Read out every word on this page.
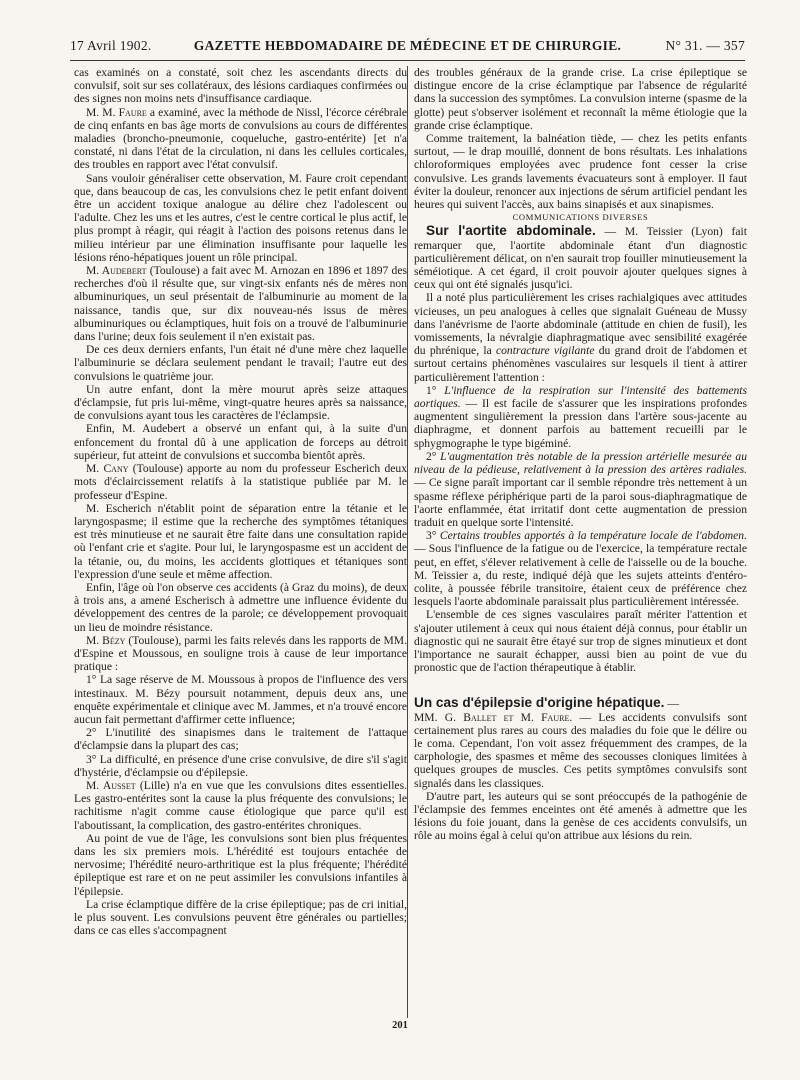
17 Avril 1902.	GAZETTE HEBDOMADAIRE DE MÉDECINE ET DE CHIRURGIE.	N° 31. — 357

cas examinés on a constaté, soit chez les ascendants directs du convulsif, soit sur ses collatéraux, des lésions cardiaques confirmées ou des signes non moins nets d'insuffisance cardiaque.

M. M. Faure a examiné, avec la méthode de Nissl, l'écorce cérébrale de cinq enfants en bas âge morts de convulsions au cours de différentes maladies (broncho-pneumonie, coqueluche, gastro-entérite) [et n'a constaté, ni dans l'état de la circulation, ni dans les cellules corticales, des troubles en rapport avec l'état convulsif.

Sans vouloir généraliser cette observation, M. Faure croit cependant que, dans beaucoup de cas, les convulsions chez le petit enfant doivent être un accident toxique analogue au délire chez l'adolescent ou l'adulte. Chez les uns et les autres, c'est le centre cortical le plus actif, le plus prompt à réagir, qui réagit à l'action des poisons retenus dans le milieu intérieur par une élimination insuffisante pour laquelle les lésions réno-hépatiques jouent un rôle principal.

M. Audebert (Toulouse) a fait avec M. Arnozan en 1896 et 1897 des recherches d'où il résulte que, sur vingt-six enfants nés de mères non albuminuriques, un seul présentait de l'albuminurie au moment de la naissance, tandis que, sur dix nouveau-nés issus de mères albuminuriques ou éclamptiques, huit fois on a trouvé de l'albuminurie dans l'urine; deux fois seulement il n'en existait pas.

De ces deux derniers enfants, l'un était né d'une mère chez laquelle l'albuminurie se déclara seulement pendant le travail; l'autre eut des convulsions le quatrième jour.

Un autre enfant, dont la mère mourut après seize attaques d'éclampsie, fut pris lui-même, vingt-quatre heures après sa naissance, de convulsions ayant tous les caractères de l'éclampsie.

Enfin, M. Audebert a observé un enfant qui, à la suite d'un enfoncement du frontal dû à une application de forceps au détroit supérieur, fut atteint de convulsions et succomba bientôt après.

M. Cany (Toulouse) apporte au nom du professeur Escherich deux mots d'éclaircissement relatifs à la statistique publiée par M. le professeur d'Espine.

M. Escherich n'établit point de séparation entre la tétanie et le laryngospasme; il estime que la recherche des symptômes tétaniques est très minutieuse et ne saurait être faite dans une consultation rapide où l'enfant crie et s'agite. Pour lui, le laryngospasme est un accident de la tétanie, ou, du moins, les accidents glottiques et tétaniques sont l'expression d'une seule et même affection.

Enfin, l'âge où l'on observe ces accidents (à Graz du moins), de deux à trois ans, a amené Escherisch à admettre une influence évidente du développement des centres de la parole; ce développement provoquait un lieu de moindre résistance.

M. Bézy (Toulouse), parmi les faits relevés dans les rapports de MM. d'Espine et Moussous, en souligne trois à cause de leur importance pratique :

1° La sage réserve de M. Moussous à propos de l'influence des vers intestinaux. M. Bézy poursuit notamment, depuis deux ans, une enquête expérimentale et clinique avec M. Jammes, et n'a trouvé encore aucun fait permettant d'affirmer cette influence;

2° L'inutilité des sinapismes dans le traitement de l'attaque d'éclampsie dans la plupart des cas;

3° La difficulté, en présence d'une crise convulsive, de dire s'il s'agit d'hystérie, d'éclampsie ou d'épilepsie.

M. Ausset (Lille) n'a en vue que les convulsions dites essentielles. Les gastro-entérites sont la cause la plus fréquente des convulsions; le rachitisme n'agit comme cause étiologique que parce qu'il est l'aboutissant, la complication, des gastro-entérites chroniques.

Au point de vue de l'âge, les convulsions sont bien plus fréquentes dans les six premiers mois. L'hérédité est toujours entachée de nervosime; l'hérédité neuro-arthritique est la plus fréquente; l'hérédité épileptique est rare et on ne peut assimiler les convulsions infantiles à l'épilepsie.

La crise éclamptique diffère de la crise épileptique; pas de cri initial, le plus souvent. Les convulsions peuvent être générales ou partielles; dans ce cas elles s'accompagnent

des troubles généraux de la grande crise. La crise épileptique se distingue encore de la crise éclamptique par l'absence de régularité dans la succession des symptômes. La convulsion interne (spasme de la glotte) peut s'observer isolément et reconnaît la même étiologie que la grande crise éclamptique.

Comme traitement, la balnéation tiède, — chez les petits enfants surtout, — le drap mouillé, donnent de bons résultats. Les inhalations chloroformiques employées avec prudence font cesser la crise convulsive. Les grands lavements évacuateurs sont à employer. Il faut éviter la douleur, renoncer aux injections de sérum artificiel pendant les heures qui suivent l'accès, aux bains sinapisés et aux sinapismes.

COMMUNICATIONS DIVERSES

Sur l'aortite abdominale. — M. Teissier (Lyon) fait remarquer que, l'aortite abdominale étant d'un diagnostic particulièrement délicat, on n'en saurait trop fouiller minutieusement la séméiotique. A cet égard, il croit pouvoir ajouter quelques signes à ceux qui ont été signalés jusqu'ici.

Il a noté plus particulièrement les crises rachialgiques avec attitudes vicieuses, un peu analogues à celles que signalait Guéneau de Mussy dans l'anévrisme de l'aorte abdominale (attitude en chien de fusil), les vomissements, la névralgie diaphragmatique avec sensibilité exagérée du phrénique, la contracture vigilante du grand droit de l'abdomen et surtout certains phénomènes vasculaires sur lesquels il tient à attirer particulièrement l'attention :

1° L'influence de la respiration sur l'intensité des battements aortiques. — Il est facile de s'assurer que les inspirations profondes augmentent singulièrement la pression dans l'artère sous-jacente au diaphragme, et donnent parfois au battement recueilli par le sphygmographe le type bigéminé.

2° L'augmentation très notable de la pression artérielle mesurée au niveau de la pédieuse, relativement à la pression des artères radiales. — Ce signe paraît important car il semble répondre très nettement à un spasme réflexe périphérique parti de la paroi sous-diaphragmatique de l'aorte enflammée, état irritatif dont cette augmentation de pression traduit en quelque sorte l'intensité.

3° Certains troubles apportés à la température locale de l'abdomen. — Sous l'influence de la fatigue ou de l'exercice, la température rectale peut, en effet, s'élever relativement à celle de l'aisselle ou de la bouche. M. Teissier a, du reste, indiqué déjà que les sujets atteints d'entéro-colite, à poussée fébrile transitoire, étaient ceux de préférence chez lesquels l'aorte abdominale paraissait plus particulièrement intéressée.

L'ensemble de ces signes vasculaires paraît mériter l'attention et s'ajouter utilement à ceux qui nous étaient déjà connus, pour établir un diagnostic qui ne saurait être étayé sur trop de signes minutieux et dont l'importance ne saurait échapper, aussi bien au point de vue du pronostic que de l'action thérapeutique à établir.

Un cas d'épilepsie d'origine hépatique. —

MM. G. Ballet et M. Faure. — Les accidents convulsifs sont certainement plus rares au cours des maladies du foie que le délire ou le coma. Cependant, l'on voit assez fréquemment des crampes, de la carphologie, des spasmes et même des secousses cloniques limitées à quelques groupes de muscles. Ces petits symptômes convulsifs sont signalés dans les classiques.

D'autre part, les auteurs qui se sont préoccupés de la pathogénie de l'éclampsie des femmes enceintes ont été amenés à admettre que les lésions du foie jouant, dans la genèse de ces accidents convulsifs, un rôle au moins égal à celui qu'on attribue aux lésions du rein.

201
